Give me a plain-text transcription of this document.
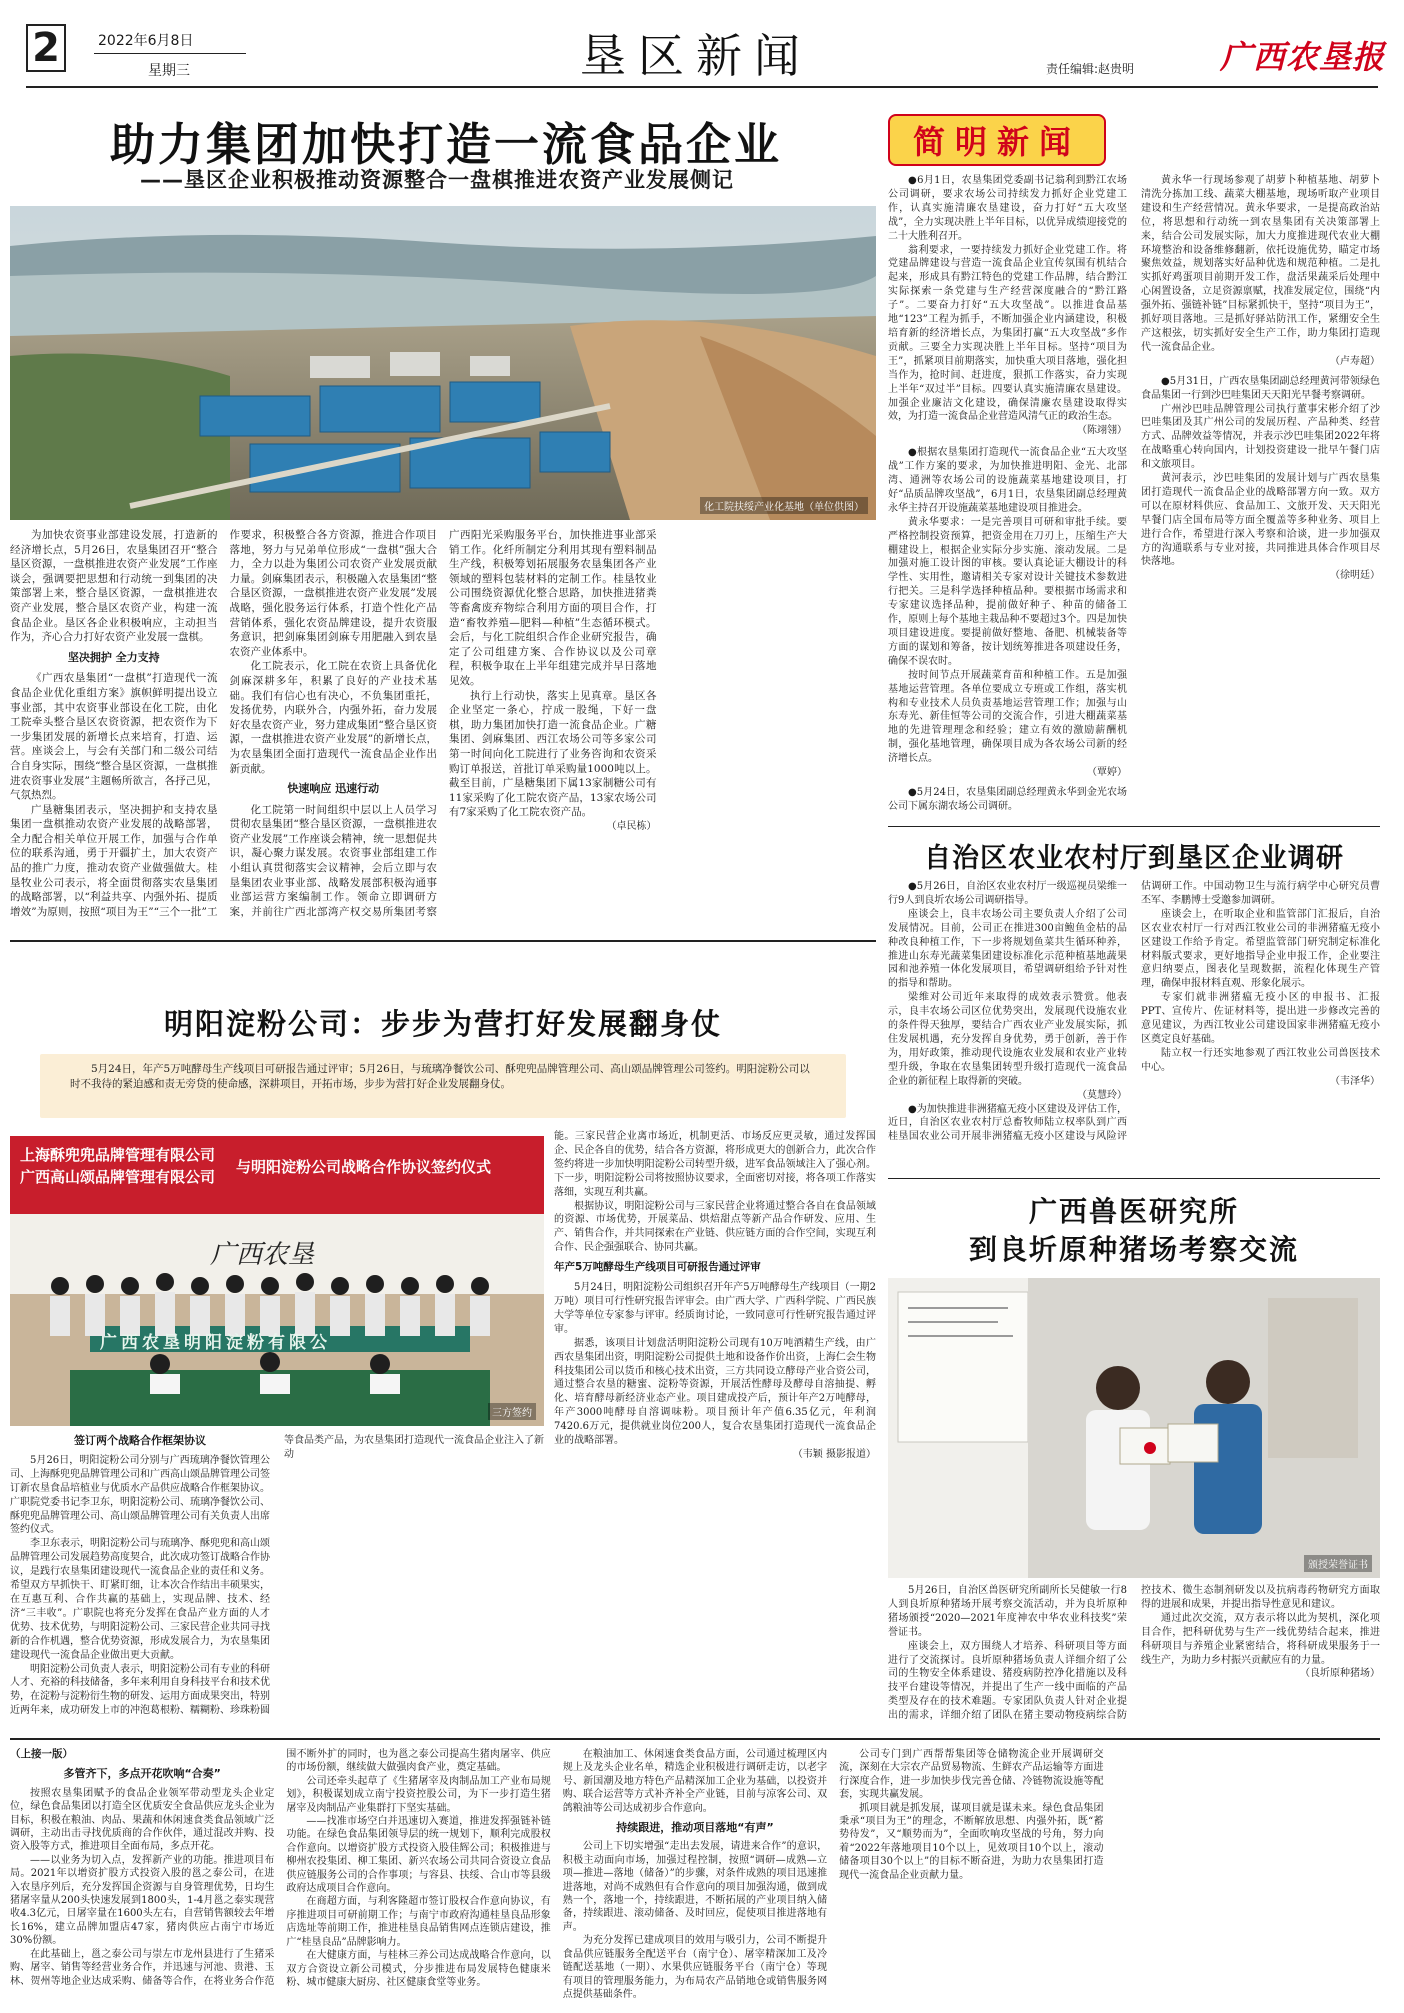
2	2022年6月8日
星期三	垦区新闻	责任编辑:赵贵明	广西农垦报
助力集团加快打造一流食品企业
——垦区企业积极推动资源整合一盘棋推进农资产业发展侧记
化工院扶绥产业化基地（单位供图）

为加快农资事业部建设发展，打造新的经济增长点，5月26日，农垦集团召开“整合垦区资源，一盘棋推进农资产业发展”工作座谈会，强调要把思想和行动统一到集团的决策部署上来，整合垦区资源，一盘棋推进农资产业发展，整合垦区农资产业，构建一流食品企业。垦区各企业积极响应，主动担当作为，齐心合力打好农资产业发展一盘棋。

坚决拥护 全力支持

《广西农垦集团“一盘棋”打造现代一流食品企业优化重组方案》旗帜鲜明提出设立事业部，其中农资事业部设在化工院，由化工院牵头整合垦区农资资源，把农资作为下一步集团发展的新增长点来培育，打造、运营。座谈会上，与会有关部门和二级公司结合自身实际，围绕“整合垦区资源，一盘棋推进农资事业发展”主题畅所欲言，各抒己见，气氛热烈。

广垦糖集团表示，坚决拥护和支持农垦集团一盘棋推动农资产业发展的战略部署，全力配合相关单位开展工作，加强与合作单位的联系沟通，勇于开疆扩土，加大农资产品的推广力度，推动农资产业做强做大。桂垦牧业公司表示，将全面贯彻落实农垦集团的战略部署，以“利益共享、内强外拓、提质增效”为原则，按照“项目为王”“三个一批”工作要求，积极整合各方资源，推进合作项目落地，努力与兄弟单位形成“一盘棋”强大合力，全力以赴为集团公司农资产业发展贡献力量。剑麻集团表示，积极融入农垦集团“整合垦区资源，一盘棋推进农资产业发展”发展战略，强化股务运行体系，打造个性化产品营销体系，强化农资品牌建设，提升农资服务意识，把剑麻集团剑麻专用肥融入到农垦农资产业体系中。

化工院表示，化工院在农资上具备优化剑麻深耕多年，积累了良好的产业技术基础。我们有信心也有决心，不负集团重托，发扬优势，内联外合，内强外拓，奋力发展好农垦农资产业，努力建成集团“整合垦区资源，一盘棋推进农资产业发展”的新增长点，为农垦集团全面打造现代一流食品企业作出新贡献。

快速响应 迅速行动

化工院第一时间组织中层以上人员学习贯彻农垦集团“整合垦区资源，一盘棋推进农资产业发展”工作座谈会精神，统一思想促共识，凝心聚力谋发展。农资事业部组建工作小组认真贯彻落实会议精神，会后立即与农垦集团农业事业部、战略发展部积极沟通事业部运营方案编制工作。领命立即调研方案，并前往广西北部湾产权交易所集团考察广西阳光采购服务平台，加快推进事业部采销工作。化纤所制定分利用其现有塑料制品生产线，积极筹划拓展服务农垦集团各产业领域的塑料包装材料的定制工作。桂垦牧业公司围绕资源优化整合思路，加快推进猪粪等畜禽废弃物综合利用方面的项目合作，打造“畜牧养殖—肥料—种植”生态循环模式。会后，与化工院组织合作企业研究报告，确定了公司组建方案、合作协议以及公司章程，积极争取在上半年组建完成并早日落地见效。

执行上行动快，落实上见真章。垦区各企业坚定一条心，拧成一股绳，下好一盘棋，助力集团加快打造一流食品企业。广糖集团、剑麻集团、西江农场公司等多家公司第一时间向化工院进行了业务咨询和农资采购订单报送，首批订单采购量1000吨以上。截至目前，广垦糖集团下属13家制糖公司有11家采购了化工院农资产品，13家农场公司有7家采购了化工院农资产品。

（卓民栋）
简明新闻

●6月1日，农垦集团党委副书记翁利到黔江农场公司调研，要求农场公司持续发力抓好企业党建工作，认真实施清廉农垦建设，奋力打好“五大攻坚战”，全力实现决胜上半年目标，以优异成绩迎接党的二十大胜利召开。

翁利要求，一要持续发力抓好企业党建工作。将党建品牌建设与营造一流食品企业宜传氛围有机结合起来，形成具有黔江特色的党建工作品牌，结合黔江实际探索一条党建与生产经营深度融合的“黔江路子”。二要奋力打好“五大攻坚战”。以推进食品基地“123”工程为抓手，不断加强企业内涵建设，积极培育新的经济增长点，为集团打赢“五大攻坚战”多作贡献。三要全力实现决胜上半年目标。坚持“项目为王”，抓紧项目前期落实，加快重大项目落地，强化担当作为，抢时间、赶进度，狠抓工作落实，奋力实现上半年“双过半”目标。四要认真实施清廉农垦建设。加强企业廉洁文化建设，确保清廉农垦建设取得实效，为打造一流食品企业营造风清气正的政治生态。

（陈翊翎）

●根据农垦集团打造现代一流食品企业“五大攻坚战”工作方案的要求，为加快推进明阳、金光、北部湾、通洲等农场公司的设施蔬菜基地建设项目，打好“品质品牌攻坚战”，6月1日，农垦集团副总经理黄永华主持召开设施蔬菜基地建设项目推进会。

黄永华要求：一是完善项目可研和审批手续。要严格控制投资预算，把资金用在刀刃上，压缩生产大棚建设上，根据企业实际分步实施、滚动发展。二是加强对施工设计图的审核。要认真论证大棚设计的科学性、实用性，邀请相关专家对设计关键技术参数进行把关。三是科学选择种植品种。要根据市场需求和专家建议选择品种，提前做好种子、种苗的储备工作，原则上每个基地主栽品种不要超过3个。四是加快项目建设进度。要提前做好整地、备肥、机械装备等方面的谋划和筹备，按计划统筹推进各项建设任务，确保不误农时。

按时间节点开展蔬菜育苗和种植工作。五是加强基地运营管理。各单位要成立专班或工作组，落实机构和专业技术人员负责基地运营管理工作；加强与山东寿光、新佳恒等公司的交流合作，引进大棚蔬菜基地的先进管理理念和经验；建立有效的激励薪酬机制，强化基地管理，确保项目成为各农场公司新的经济增长点。

（覃婷）

●5月24日，农垦集团副总经理黄永华到金光农场公司下属东湖农场公司调研。

黄永华一行现场参观了胡萝卜种植基地、胡萝卜清洗分拣加工线、蔬菜大棚基地，现场听取产业项目建设和生产经营情况。黄永华要求，一是提高政治站位，将思想和行动统一到农垦集团有关决策部署上来，结合公司发展实际，加大力度推进现代农业大棚环境整治和设备维修翻新，依托设施优势，瞄定市场聚焦效益，规划落实好品种优选和规范种植。二是扎实抓好鸡蛋项目前期开发工作，盘活果蔬采后处理中心闲置设备，立足资源禀赋，找准发展定位，围绕“内强外拓、强链补链”目标紧抓快干，坚持“项目为王”，抓好项目落地。三是抓好驿站防汛工作，紧绷安全生产这根弦，切实抓好安全生产工作，助力集团打造现代一流食品企业。

（卢寿超）

●5月31日，广西农垦集团副总经理黄河带领绿色食品集团一行到沙巴哇集团天天阳光早餐考察调研。

广州沙巴哇品牌管理公司执行董事宋彬介绍了沙巴哇集团及其广州公司的发展历程、产品种类、经营方式、品牌效益等情况，并表示沙巴哇集团2022年将在战略重心转向国内，计划投资建设一批早午餐门店和文旅项目。

黄河表示，沙巴哇集团的发展计划与广西农垦集团打造现代一流食品企业的战略部署方向一致。双方可以在原材料供应、食品加工、文旅开发、天天阳光早餐门店全国布局等方面全覆盖等多种业务、项目上进行合作，希望进行深入考察和洽谈，进一步加强双方的沟通联系与专业对接，共同推进具体合作项目尽快落地。

（徐明廷）
自治区农业农村厅到垦区企业调研

●5月26日，自治区农业农村厅一级巡视员梁维一行9人到良圻农场公司调研指导。

座谈会上，良丰农场公司主要负责人介绍了公司发展情况。目前，公司正在推进300亩鲍鱼金枯的品种改良种植工作，下一步将规划鱼菜共生循环种养，推进山东寿光蔬菜集团建设标准化示范种植基地蔬果园和池养殖一体化发展项目，希望调研组给予针对性的指导和帮助。

梁维对公司近年来取得的成效表示赞赏。他表示，良丰农场公司区位优势突出，发展现代设施农业的条件得天独厚，要结合广西农业产业发展实际，抓住发展机遇，充分发挥自身优势，勇于创新，善于作为，用好政策，推动现代设施农业发展和农业产业转型升级，争取在农垦集团转型升级打造现代一流食品企业的新征程上取得新的突破。

（莫慧玲）

●为加快推进非洲猪瘟无疫小区建设及评估工作，近日，自治区农业农村厅总畜牧师陆立权率队到广西桂垦国农业公司开展非洲猪瘟无疫小区建设与风险评估调研工作。中国动物卫生与流行病学中心研究员曹丕军、李鹏博士受邀参加调研。

座谈会上，在听取企业和监管部门汇报后，自治区农业农村厅一行对西江牧业公司的非洲猪瘟无疫小区建设工作给予肯定。希望监管部门研究制定标准化材料版式要求，更好地指导企业申报工作，企业要注意归纳要点，图表化呈现数据，流程化体现生产管理，确保申报材料直观、形象化展示。

专家们就非洲猪瘟无疫小区的申报书、汇报PPT、宣传片、佐证材料等，提出进一步修改完善的意见建议，为西江牧业公司建设国家非洲猪瘟无疫小区奠定良好基础。

陆立权一行还实地参观了西江牧业公司兽医技术中心。

（韦泽华）
广西兽医研究所
到良圻原种猪场考察交流
颁授荣誉证书

5月26日，自治区兽医研究所副所长吴健敏一行8人到良圻原种猪场开展考察交流活动，并为良圻原种猪场颁授“2020—2021年度神农中华农业科技奖”荣誉证书。

座谈会上，双方围绕人才培养、科研项目等方面进行了交流探讨。良圻原种猪场负责人详细介绍了公司的生物安全体系建设、猪疫病防控净化措施以及科技平台建设等情况，并提出了生产一线中面临的产品类型及存在的技术难题。专家团队负责人针对企业提出的需求，详细介绍了团队在猪主要动物疫病综合防控技术、微生态制剂研发以及抗病毒药物研究方面取得的进展和成果，并提出指导性意见和建议。

通过此次交流，双方表示将以此为契机，深化项目合作，把科研优势与生产一线优势结合起来，推进科研项目与养殖企业紧密结合，将科研成果服务于一线生产，为助力乡村振兴贡献应有的力量。

（良圻原种猪场）
明阳淀粉公司：步步为营打好发展翻身仗
5月24日，年产5万吨酵母生产线项目可研报告通过评审；5月26日，与琉璃净餐饮公司、酥兜兜品牌管理公司、高山颂品牌管理公司签约。明阳淀粉公司以时不我待的紧迫感和责无旁贷的使命感，深耕项目，开拓市场，步步为营打好企业发展翻身仗。
上海酥兜兜品牌管理有限公司
广西高山颂品牌管理有限公司
与明阳淀粉公司战略合作协议签约仪式
广西农垦
广西农垦明阳淀粉有限公
三方签约

能。三家民营企业离市场近，机制更活、市场反应更灵敏，通过发挥国企、民企各自的优势，结合各方资源，将形成更大的创新合力，此次合作签约将进一步加快明阳淀粉公司转型升级，进军食品领域注入了强心剂。下一步，明阳淀粉公司将按照协议要求，全面密切对接，将各项工作落实落细，实现互利共赢。

根据协议，明阳淀粉公司与三家民营企业将通过整合各自在食品领域的资源、市场优势，开展菜品、烘焙甜点等新产品合作研发、应用、生产、销售合作，并共同探索在产业链、供应链方面的合作空间，实现互利合作、民企强强联合、协同共赢。

年产5万吨酵母生产线项目可研报告通过评审

5月24日，明阳淀粉公司组织召开年产5万吨酵母生产线项目（一期2万吨）项目可行性研究报告评审会。由广西大学、广西科学院、广西民族大学等单位专家参与评审。经质询讨论，一致同意可行性研究报告通过评审。

据悉，该项目计划盘活明阳淀粉公司现有10万吨酒精生产线，由广西农垦集团出资，明阳淀粉公司提供土地和设备作价出资，上海仁会生物科技集团公司以货币和核心技术出资，三方共同设立酵母产业合资公司，通过整合农垦的糖蜜、淀粉等资源，开展活性酵母及酵母自溶抽提、孵化、培育酵母新经济业态产业。项目建成投产后，预计年产2万吨酵母，年产3000吨酵母自溶调味粉。项目预计年产值6.35亿元，年利润7420.6万元，提供就业岗位200人，复合农垦集团打造现代一流食品企业的战略部署。

（韦颖 摄影报道）
签订两个战略合作框架协议

5月26日，明阳淀粉公司分别与广西琉璃净餐饮管理公司、上海酥兜兜品牌管理公司和广西高山颂品牌管理公司签订新农垦食品培植业与优质水产品供应战略合作框架协议。广职院党委书记李卫东，明阳淀粉公司、琉璃净餐饮公司、酥兜兜品牌管理公司、高山颂品牌管理公司有关负责人出席签约仪式。

李卫东表示，明阳淀粉公司与琉璃净、酥兜兜和高山颂品牌管理公司发展趋势高度契合，此次成功签订战略合作协议，是践行农垦集团建设现代一流食品企业的责任和义务。希望双方早抓快干、盯紧盯细，让本次合作结出丰硕果实，在互惠互利、合作共赢的基础上，实现品牌、技术、经济“三丰收”。广职院也将充分发挥在食品产业方面的人才优势、技术优势，与明阳淀粉公司、三家民营企业共同寻找新的合作机遇，整合优势资源，形成发展合力，为农垦集团建设现代一流食品企业做出更大贡献。

明阳淀粉公司负责人表示，明阳淀粉公司有专业的科研人才、充裕的科技储备，多年来利用自身科技平台和技术优势，在淀粉与淀粉衍生物的研发、运用方面成果突出，特别近两年来，成功研发上市的冲泡葛根粉、糯糊粉、珍珠粉圆等食品类产品，为农垦集团打造现代一流食品企业注入了新动

（上接一版）
多管齐下，多点开花吹响“合奏”

按照农垦集团赋予的食品企业领军带动型龙头企业定位，绿色食品集团以打造全区优质安全食品供应龙头企业为目标，积极在粮油、肉品、果蔬和休闲速食类食品领域广泛调研，主动出击寻找优质商的合作伙伴，通过混改并购、投资入股等方式，推进项目全面布局，多点开花。

——以业务为切入点，发挥新产业的功能。推进项目布局。2021年以增资扩股方式投资入股的邕之泰公司，在进入农垦序列后，充分发挥国企资源与自身管理优势，日均生猪屠宰量从200头快速发展到1800头，1-4月邕之泰实现营收4.3亿元，日屠宰量在1600头左右，自营销售额较去年增长16%，建立品牌加盟店47家，猪肉供应占南宁市场近30%份额。

在此基础上，邕之泰公司与崇左市龙州县进行了生猪采购、屠宰、销售等经营业务合作，并迅速与河池、贵港、玉林、贺州等地企业达成采购、储备等合作，在将业务合作范围不断外扩的同时，也为邕之泰公司提高生猪肉屠宰、供应的市场份额，继续做大做强肉食产业，奠定基础。

公司还牵头起草了《生猪屠宰及肉制品加工产业布局规划》，积极谋划成立南宁投资控股公司，为下一步打造生猪屠宰及肉制品产业集群打下坚实基础。

——找准市场空白并迅速切入赛道，推进发挥强链补链功能。在绿色食品集团领导层的统一规划下，顺利完成股权合作意向。以增资扩股方式投资入股佳辉公司；积极推进与柳州农投集团、柳工集团、新兴农场公司共同合资设立食品供应链服务公司的合作事项；与容县、扶绥、合山市等县级政府达成项目合作意向。

在商超方面，与利客隆超市签订股权合作意向协议，有序推进项目可研前期工作；与南宁市政府沟通桂垦良品形象店选址等前期工作，推进桂垦良品销售网点连锁店建设，推广“桂垦良品”品牌影响力。

在大健康方面，与桂林三养公司达成战略合作意向，以双方合资设立新公司模式，分步推进布局发展特色健康米粉、城市健康大厨房、社区健康食堂等业务。

在粮油加工、休闲速食类食品方面，公司通过梳理区内规上及龙头企业名单，精选企业积极进行调研走访，以老字号、新国潮及地方特色产品精深加工企业为基础，以投资并购、联合运营等方式补齐补全产业链，目前与凉客公司、双鸽粮油等公司达成初步合作意向。

持续跟进，推动项目落地“有声”

公司上下切实增强“走出去发展，请进来合作”的意识，积极主动面向市场，加强过程控制，按照“调研—成熟—立项—推进—落地（储备）”的步骤，对条件成熟的项目迅速推进落地，对尚不成熟但有合作意向的项目加强沟通，做到成熟一个，落地一个，持续跟进，不断拓展的产业项目纳入储备，持续跟进、滚动储备、及时回应，促使项目推进落地有声。

为充分发挥已建成项目的效用与吸引力，公司不断提升食品供应链服务全配送平台（南宁仓）、屠宰精深加工及冷链配送基地（一期）、水果供应链服务平台（南宁仓）等现有项目的管理服务能力，为布局农产品销地仓或销售服务网点提供基础条件。

公司专门到广西帮帮集团等仓储物流企业开展调研交流，深刻在大宗农产品贸易物流、生鲜农产品运输等方面进行深度合作，进一步加快步伐完善仓储、冷链物流设施等配套，实现共赢发展。

抓项目就是抓发展，谋项目就是谋未来。绿色食品集团秉承“项目为王”的理念，不断解放思想、内强外拓，既“蓄势待发”，又“顺势而为”，全面吹响攻坚战的号角，努力向着“2022年落地项目10个以上，见效项目10个以上，滚动储备项目30个以上”的目标不断奋进，为助力农垦集团打造现代一流食品企业贡献力量。
